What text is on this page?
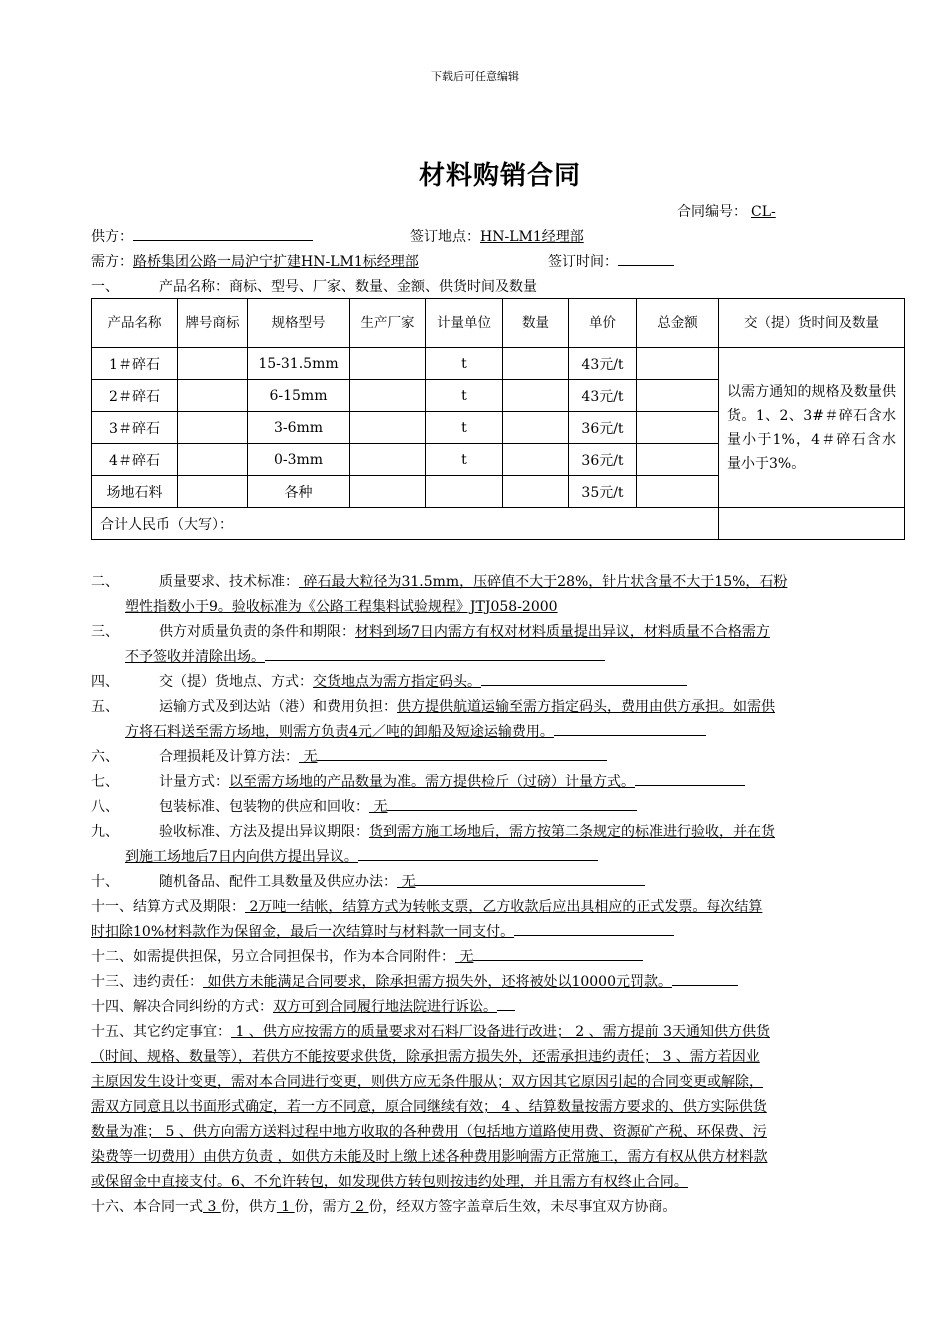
下载后可任意编辑
材料购销合同
合同编号： CL-
供方：	签订地点：HN-LM1经理部
需方：路桥集团公路一局沪宁扩建HN-LM1标经理部	签订时间：
一、	产品名称：商标、型号、厂家、数量、金额、供货时间及数量
产品名称	牌号商标	规格型号	生产厂家	计量单位	数量	单价	总金额	交（提）货时间及数量
1＃碎石		15-31.5mm		t		43元/t		以需方通知的规格及数量供货。1、2、3#＃碎石含水量小于1%，4＃碎石含水量小于3%。
2＃碎石		6-15mm		t		43元/t		
3＃碎石		3-6mm		t		36元/t		
4＃碎石		0-3mm		t		36元/t		
场地石料		各种				35元/t		
合计人民币（大写）：								
二、	质量要求、技术标准： 碎石最大粒径为31.5mm，压碎值不大于28%，针片状含量不大于15%，石粉
塑性指数小于9。验收标准为《公路工程集料试验规程》JTJ058-2000
三、	供方对质量负责的条件和期限：材料到场7日内需方有权对材料质量提出异议，材料质量不合格需方
不予签收并清除出场。
四、	交（提）货地点、方式：交货地点为需方指定码头。
五、	运输方式及到达站（港）和费用负担：供方提供航道运输至需方指定码头，费用由供方承担。如需供
方将石料送至需方场地，则需方负责4元／吨的卸船及短途运输费用。
六、	合理损耗及计算方法： 无
七、	计量方式：以至需方场地的产品数量为准。需方提供检斤（过磅）计量方式。
八、	包装标准、包装物的供应和回收： 无
九、	验收标准、方法及提出异议期限：货到需方施工场地后，需方按第二条规定的标准进行验收，并在货
到施工场地后7日内向供方提出异议。
十、	随机备品、配件工具数量及供应办法： 无
十一、结算方式及期限： 2万吨一结帐，结算方式为转帐支票，乙方收款后应出具相应的正式发票。每次结算
时扣除10%材料款作为保留金，最后一次结算时与材料款一同支付。
十二、如需提供担保，另立合同担保书，作为本合同附件： 无
十三、违约责任： 如供方未能满足合同要求，除承担需方损失外，还将被处以10000元罚款。
十四、解决合同纠纷的方式：双方可到合同履行地法院进行诉讼。
十五、其它约定事宜： 1 、供方应按需方的质量要求对石料厂设备进行改进； 2 、需方提前 3天通知供方供货
（时间、规格、数量等），若供方不能按要求供货，除承担需方损失外，还需承担违约责任； 3 、需方若因业
主原因发生设计变更，需对本合同进行变更，则供方应无条件服从；双方因其它原因引起的合同变更或解除，
需双方同意且以书面形式确定，若一方不同意，原合同继续有效； 4 、结算数量按需方要求的、供方实际供货
数量为准； 5 、供方向需方送料过程中地方收取的各种费用（包括地方道路使用费、资源矿产税、环保费、污
染费等一切费用）由供方负责 ，如供方未能及时上缴上述各种费用影响需方正常施工，需方有权从供方材料款
或保留金中直接支付。6、不允许转包，如发现供方转包则按违约处理，并且需方有权终止合同。
十六、本合同一式 3 份，供方 1 份，需方 2 份，经双方签字盖章后生效，未尽事宜双方协商。
